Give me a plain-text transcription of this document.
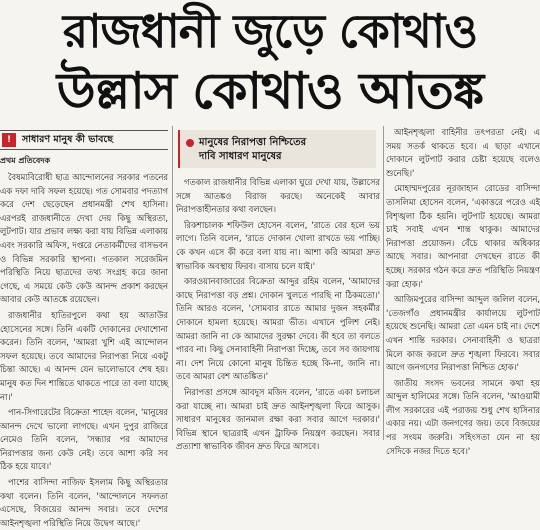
রাজধানী জুড়ে কোথাও
উল্লাস কোথাও আতঙ্ক
!	সাধারণ মানুষ কী ভাবছে
প্রথম প্রতিবেদক

বৈষম্যবিরোধী ছাত্র আন্দোলনের সরকার পতনের এক দফা দাবি সফল হয়েছে। গত সোমবার পদত্যাগ করে দেশ ছেড়েছেন প্রধানমন্ত্রী শেখ হাসিনা। এরপরই রাজধানীতে দেখা দেয় কিছু অস্থিরতা, লুটপাট। যার প্রভাব লক্ষ্য করা যায় বিভিন্ন এলাকায় এবং সরকারি অফিস, দপ্তরে নেতাকর্মীদের বাসভবন ও বিভিন্ন সরকারি স্থাপনা। গতকাল সরেজমিন পরিস্থিতি নিয়ে ছাত্রদের তথ্য সংগ্রহ করে জানা গেছে, এ সময়ে কেউ কেউ আনন্দ প্রকাশ করছেন আবার কেউ আতঙ্কে রয়েছেন।

রাজধানীর হাতিরপুলে কথা হয় আতাউর হোসেনের সঙ্গে। তিনি একটি দোকানের দেখাশোনা করেন। তিনি বলেন, 'আমরা খুশি এই আন্দোলন সফল হয়েছে। তবে আমাদের নিরাপত্তা নিয়ে একটু চিন্তা আছে। এ আনন্দ যেন ভালোভাবে শেষ হয়। মানুষ কত দিন শান্তিতে থাকতে পারে তা বলা যাচ্ছে না।'

পান-সিগারেটের বিক্রেতা শাহেদ বলেন, 'মানুষের আনন্দ দেখে ভালো লাগছে। এখন দুপুর রাজিরে নেমেও তিনি বলেন, 'সন্ধ্যার পর আমাদের নিরাপত্তার জন্য কেউ নেই। তবে আশা করি সব ঠিক হয়ে যাবে।'

পাশের বাসিন্দা নাজিফ ইসলাম কিছু অস্থিরতার কথা বলেন। তিনি বলেন, 'আন্দোলনে সফলতা এসেছে, বিজয়ের আনন্দ সবার। তবে দেশের আইনশৃঙ্খলা পরিস্থিতি নিয়ে উদ্বেগ আছে।'

মানুষের নিরাপত্তা নিশ্চিতের
দাবি সাধারণ মানুষের

গতকাল রাজধানীর বিভিন্ন এলাকা ঘুরে দেখা যায়, উল্লাসের সঙ্গে আতঙ্কও বিরাজ করছে। অনেকেই আবার নিরাপত্তাহীনতার কথা বলছেন।

রিকশাচালক শফিউল হোসেন বলেন, 'রাতে বের হলে ভয় লাগে। তিনি বলেন, 'রাতে দোকান খোলা রাখতে ভয় পাচ্ছি। কে কখন এসে কী করে বলা যায় না। আশা করি আমরা দ্রুত স্বাভাবিক অবস্থায় ফিরব। বাসায় চলে যাই।'

কারওয়ানবাজারের বিক্রেতা আব্দুর রহিম বলেন, 'আমাদের কাছে নিরাপত্তা বড় প্রশ্ন। দোকান খুলতে পারছি না ঠিকমতো।' তিনি আরও বলেন, 'সোমবার রাতে আমার দুজন সহকর্মীর দোকানে হামলা হয়েছে। আমরা ভীত। এখানে পুলিশ নেই। আমরা জানি না কে আমাদের সুরক্ষা দেবে। কী হবে তা বলতে পারব না। কিছু সেনাবাহিনী নিরাপত্তা দিচ্ছে, তবে সব জায়গায় না। দেশ নিয়ে কোনো মানুষ চিন্তিত হচ্ছে কি-না, জানি না। তবে আমরা বেশ আতঙ্কিত।'

নিরাপত্তা প্রসঙ্গে আবদুস মজিদ বলেন, 'রাতে একা চলাচল করা যাচ্ছে না। আমরা চাই দ্রুত আইনশৃঙ্খলা ফিরে আসুক। সাধারণ মানুষের জানমাল রক্ষা করা সবার আগে দরকার।' বিভিন্ন স্থানে ছাত্ররাই এখন ট্রাফিক নিয়ন্ত্রণ করছেন। সবার প্রত্যাশা স্বাভাবিক জীবন দ্রুত ফিরে আসবে।

আইনশৃঙ্খলা বাহিনীর তৎপরতা নেই। এ সময় সতর্ক থাকতে হবে। এ ছাড়া এখানে দোকানে লুটপাট করার চেষ্টা হয়েছে বলেও শুনেছি।'

মোহাম্মদপুরের নূরজাহান রোডের বাসিন্দা তাসলিমা হোসেন বলেন, 'একাত্তরে পরেও এই বিশৃঙ্খলা ঠিক হয়নি। লুটপাট হয়েছে। আমরা চাই সবাই এখন শান্ত থাকুক। আমাদের নিরাপত্তা প্রয়োজন। বেঁচে থাকার অধিকার আছে সবার। আপনারা দেখছেন রাতে কী হচ্ছে। সরকার গঠন করে দ্রুত পরিস্থিতি নিয়ন্ত্রণ করা হোক।'

আজিমপুরের বাসিন্দা আব্দুল জলিল বলেন, 'তেজগাঁও প্রধানমন্ত্রীর কার্যালয়ে লুটপাট হয়েছে শুনেছি। আমরা তো এমন চাই না। দেশে এখন শান্তি দরকার। সেনাবাহিনী ও ছাত্ররা মিলে কাজ করলে দ্রুত শৃঙ্খলা ফিরবে। সবার আগে জনগণের নিরাপত্তা নিশ্চিত হোক।'

জাতীয় সংসদ ভবনের সামনে কথা হয় আব্দুল হালিমের সঙ্গে। তিনি বলেন, 'আওয়ামী লীগ সরকারের এই পরাজয় শুধু শেখ হাসিনার একার নয়। এটা জনগণের জয়। তবে বিজয়ের পর সংযম জরুরি। সহিংসতা যেন না হয় সেদিকে নজর দিতে হবে।'
